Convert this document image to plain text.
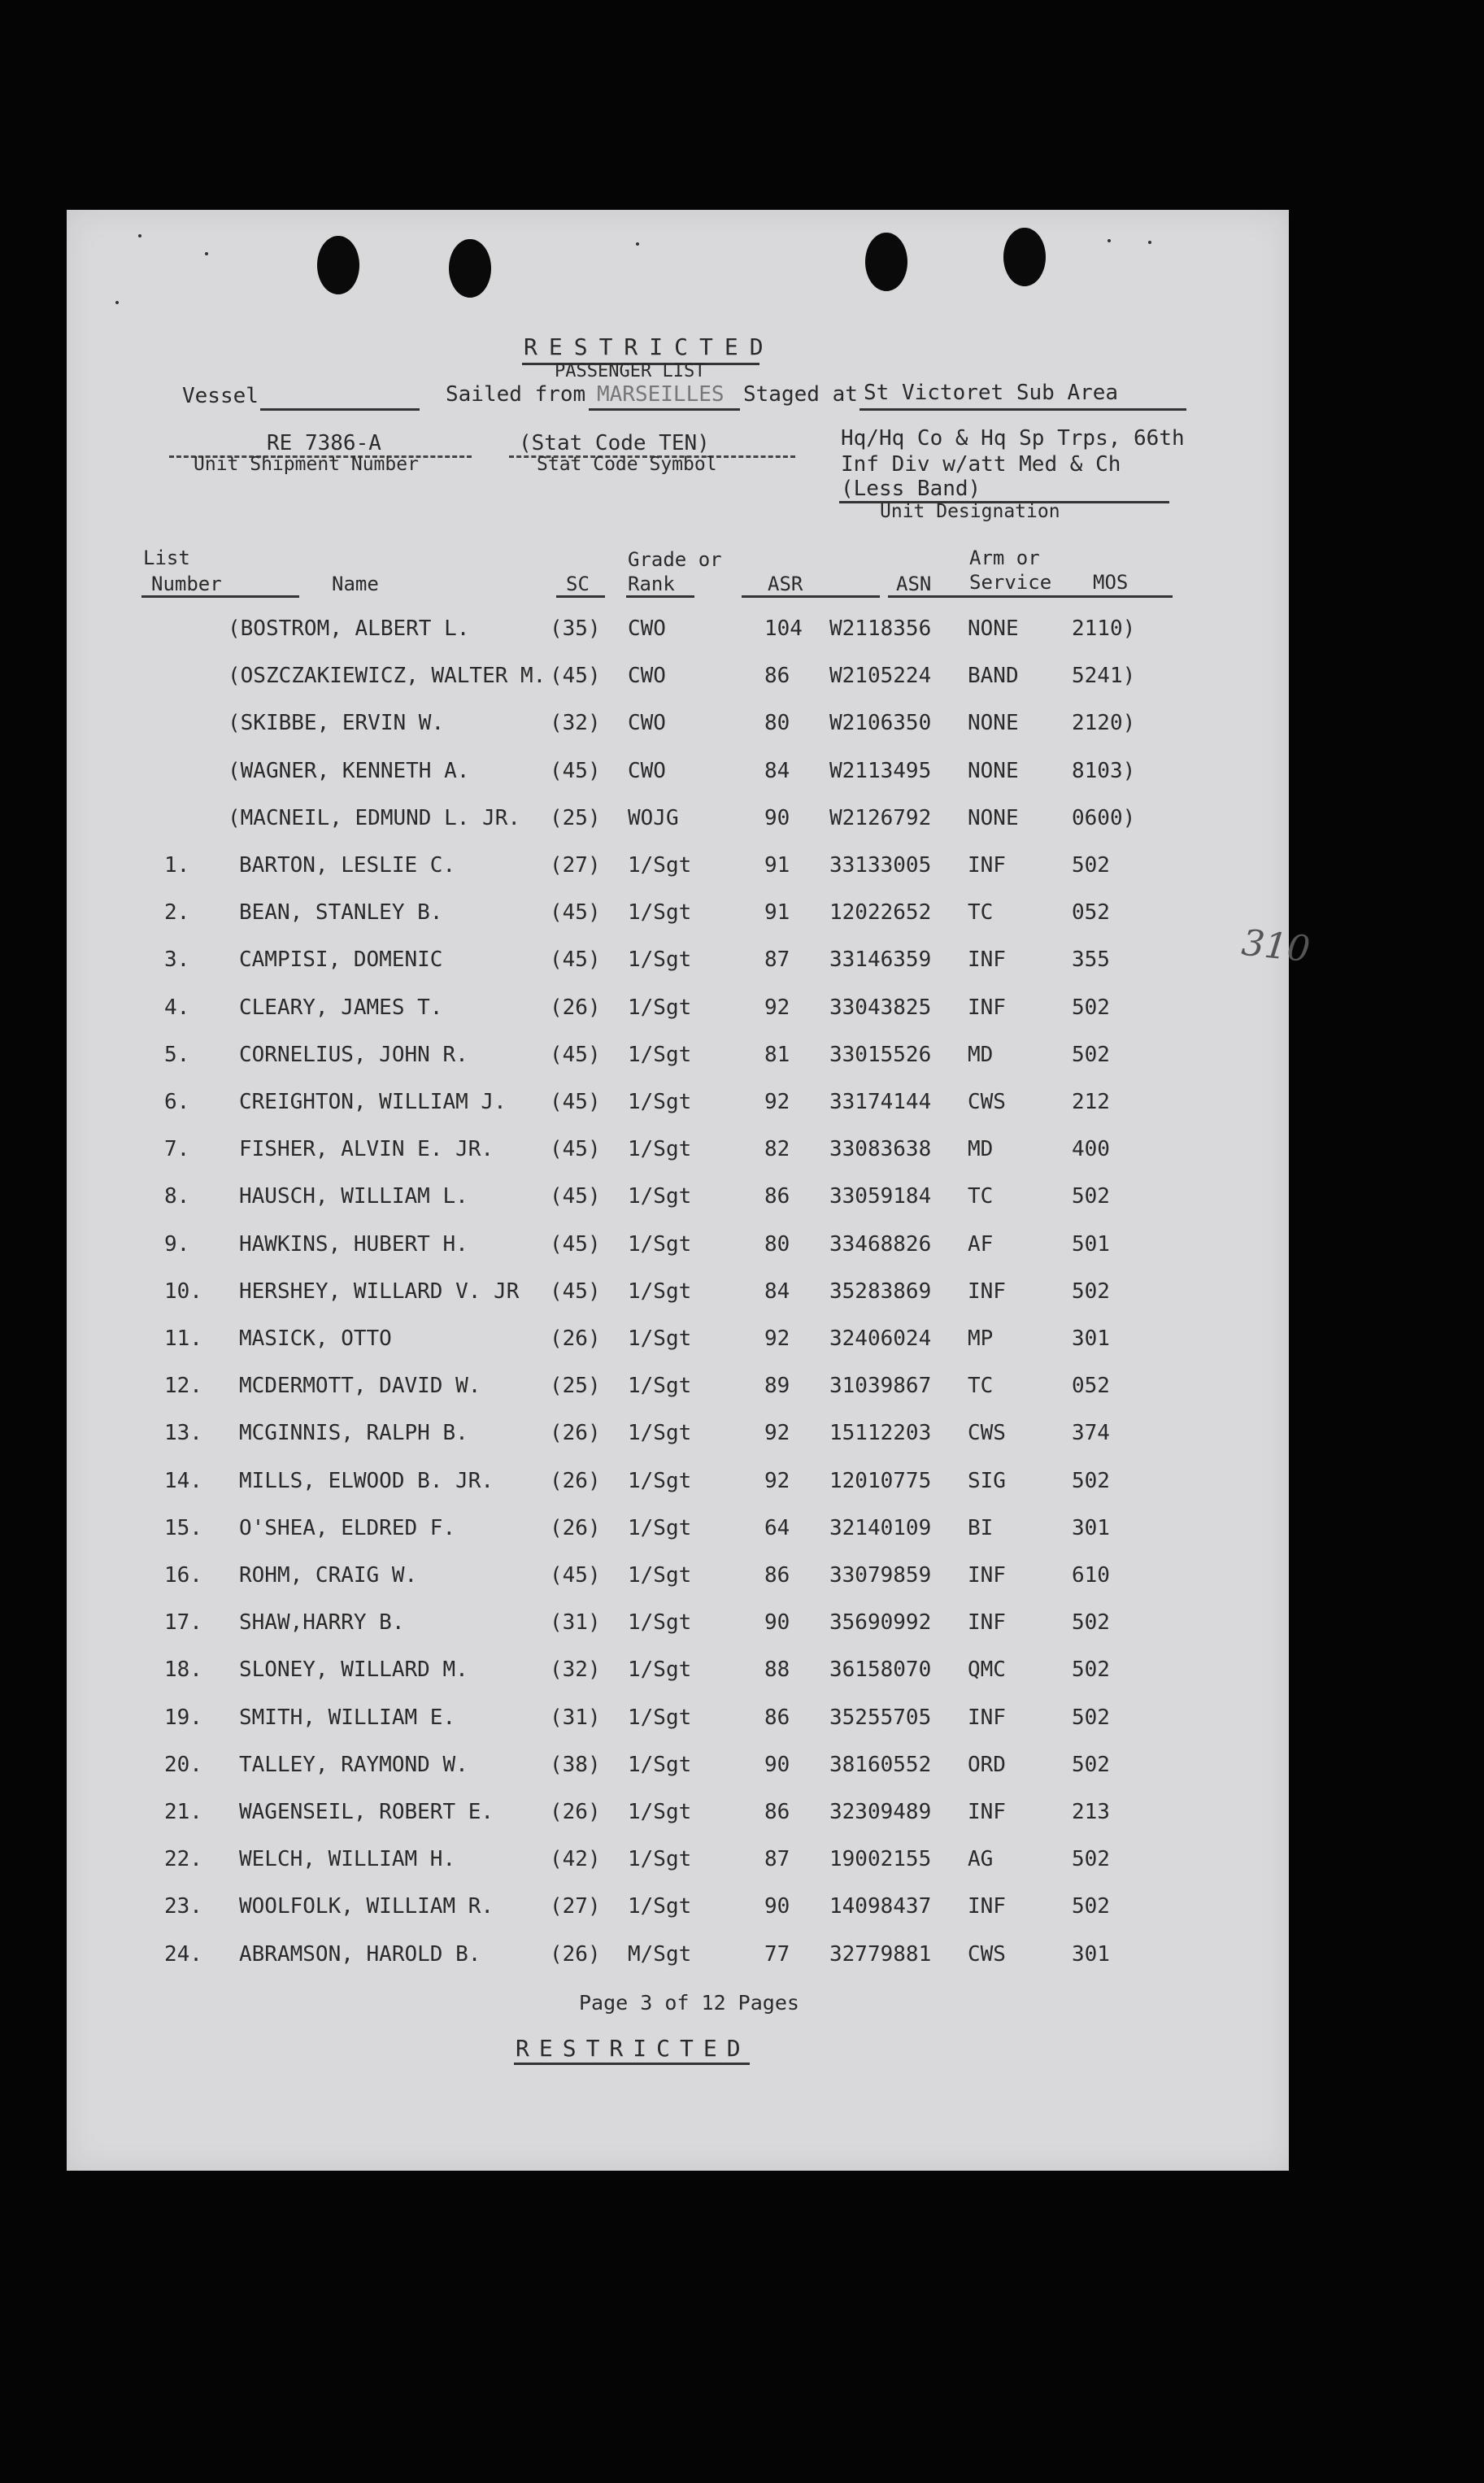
RESTRICTED
PASSENGER LIST
Vessel	Sailed from MARSEILLES Staged at St Victoret Sub Area
RE 7386-A
Unit Shipment Number
(Stat Code TEN)
Stat Code Symbol
Hq/Hq Co & Hq Sp Trps, 66th
Inf Div w/att Med & Ch
(Less Band)
Unit Designation
List
Number	Name	SC
Grade or
Rank	ASR	ASN
Arm or
Service MOS
(BOSTROM, ALBERT L.	(35) CWO	104 W2118356 NONE	2110)
(OSZCZAKIEWICZ, WALTER M. (45) CWO	86 W2105224 BAND	5241)
(SKIBBE, ERVIN W.	(32) CWO	80 W2106350 NONE	2120)
(WAGNER, KENNETH A.	(45) CWO	84 W2113495 NONE	8103)
(MACNEIL, EDMUND L. JR. (25) WOJG	90 W2126792 NONE	0600)
1. BARTON, LESLIE C.	(27) 1/Sgt	91 33133005 INF	502
2. BEAN, STANLEY B.	(45) 1/Sgt	91 12022652 TC	052
3. CAMPISI, DOMENIC	(45) 1/Sgt	87 33146359 INF	355
4. CLEARY, JAMES T.	(26) 1/Sgt	92 33043825 INF	502
5. CORNELIUS, JOHN R.	(45) 1/Sgt	81 33015526 MD	502
6. CREIGHTON, WILLIAM J. (45) 1/Sgt	92 33174144 CWS	212
7. FISHER, ALVIN E. JR.	(45) 1/Sgt	82 33083638 MD	400
8. HAUSCH, WILLIAM L.	(45) 1/Sgt	86 33059184 TC	502
9. HAWKINS, HUBERT H.	(45) 1/Sgt	80 33468826 AF	501
10. HERSHEY, WILLARD V. JR (45) 1/Sgt	84 35283869 INF	502
11. MASICK, OTTO	(26) 1/Sgt	92 32406024 MP	301
12. MCDERMOTT, DAVID W.	(25) 1/Sgt	89 31039867 TC	052
13. MCGINNIS, RALPH B.	(26) 1/Sgt	92 15112203 CWS	374
14. MILLS, ELWOOD B. JR.	(26) 1/Sgt	92 12010775 SIG	502
15. O'SHEA, ELDRED F.	(26) 1/Sgt	64 32140109 BI	301
16. ROHM, CRAIG W.	(45) 1/Sgt	86 33079859 INF	610
17. SHAW,HARRY B.	(31) 1/Sgt	90 35690992 INF	502
18. SLONEY, WILLARD M.	(32) 1/Sgt	88 36158070 QMC	502
19. SMITH, WILLIAM E.	(31) 1/Sgt	86 35255705 INF	502
20. TALLEY, RAYMOND W.	(38) 1/Sgt	90 38160552 ORD	502
21. WAGENSEIL, ROBERT E.	(26) 1/Sgt	86 32309489 INF	213
22. WELCH, WILLIAM H.	(42) 1/Sgt	87 19002155 AG	502
23. WOOLFOLK, WILLIAM R.	(27) 1/Sgt	90 14098437 INF	502
24. ABRAMSON, HAROLD B.	(26) M/Sgt	77 32779881 CWS	301
310
Page 3 of 12 Pages
RESTRICTED
